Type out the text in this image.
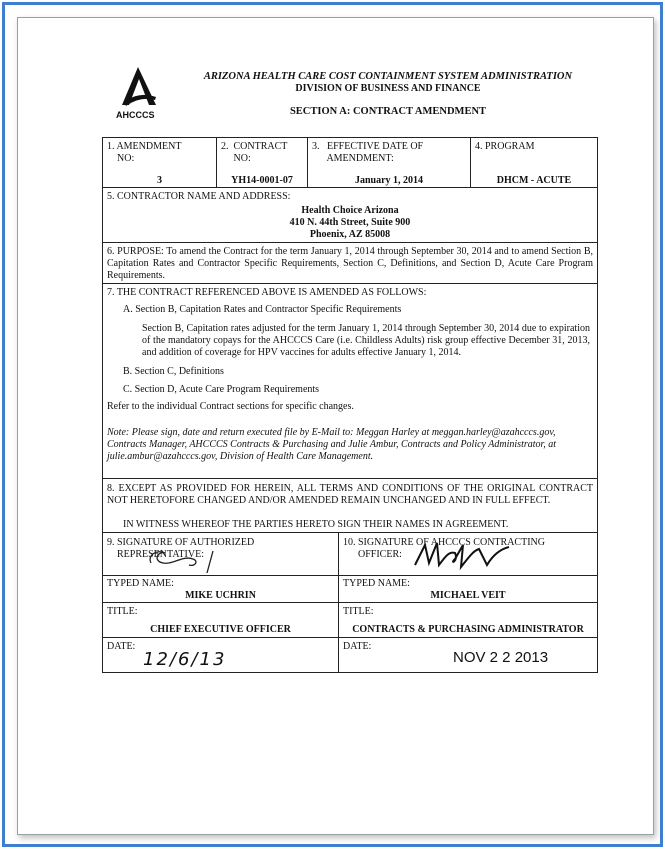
AHCCCS
ARIZONA HEALTH CARE COST CONTAINMENT SYSTEM ADMINISTRATION
DIVISION OF BUSINESS AND FINANCE
SECTION A: CONTRACT AMENDMENT
1. AMENDMENT
NO:
3
2.  CONTRACT
NO:
YH14-0001-07
3.   EFFECTIVE DATE OF
AMENDMENT:
January 1, 2014
4. PROGRAM
DHCM - ACUTE
5. CONTRACTOR NAME AND ADDRESS:
Health Choice Arizona
410 N. 44th Street, Suite 900
Phoenix, AZ 85008
6. PURPOSE: To amend the Contract for the term January 1, 2014 through September 30, 2014 and to amend Section B, Capitation Rates and Contractor Specific Requirements, Section C, Definitions, and Section D, Acute Care Program Requirements.
7. THE CONTRACT REFERENCED ABOVE IS AMENDED AS FOLLOWS:
A. Section B, Capitation Rates and Contractor Specific Requirements
Section B, Capitation rates adjusted for the term January 1, 2014 through September 30, 2014 due to expiration of the mandatory copays for the AHCCCS Care (i.e. Childless Adults) risk group effective December 31, 2013, and addition of coverage for HPV vaccines for adults effective January 1, 2014.
B. Section C, Definitions
C. Section D, Acute Care Program Requirements
Refer to the individual Contract sections for specific changes.
Note: Please sign, date and return executed file by E-Mail to: Meggan Harley at meggan.harley@azahcccs.gov, Contracts Manager, AHCCCS Contracts & Purchasing and Julie Ambur, Contracts and Policy Administrator, at julie.ambur@azahcccs.gov, Division of Health Care Management.
8. EXCEPT AS PROVIDED FOR HEREIN, ALL TERMS AND CONDITIONS OF THE ORIGINAL CONTRACT NOT HERETOFORE CHANGED AND/OR AMENDED REMAIN UNCHANGED AND IN FULL EFFECT.
IN WITNESS WHEREOF THE PARTIES HERETO SIGN THEIR NAMES IN AGREEMENT.
9. SIGNATURE OF AUTHORIZED
REPRESENTATIVE:
10. SIGNATURE OF AHCCCS CONTRACTING
OFFICER:
TYPED NAME:
MIKE UCHRIN
TYPED NAME:
MICHAEL VEIT
TITLE:
CHIEF EXECUTIVE OFFICER
TITLE:
CONTRACTS & PURCHASING ADMINISTRATOR
DATE:
12/6/13
DATE:
NOV 2 2 2013
